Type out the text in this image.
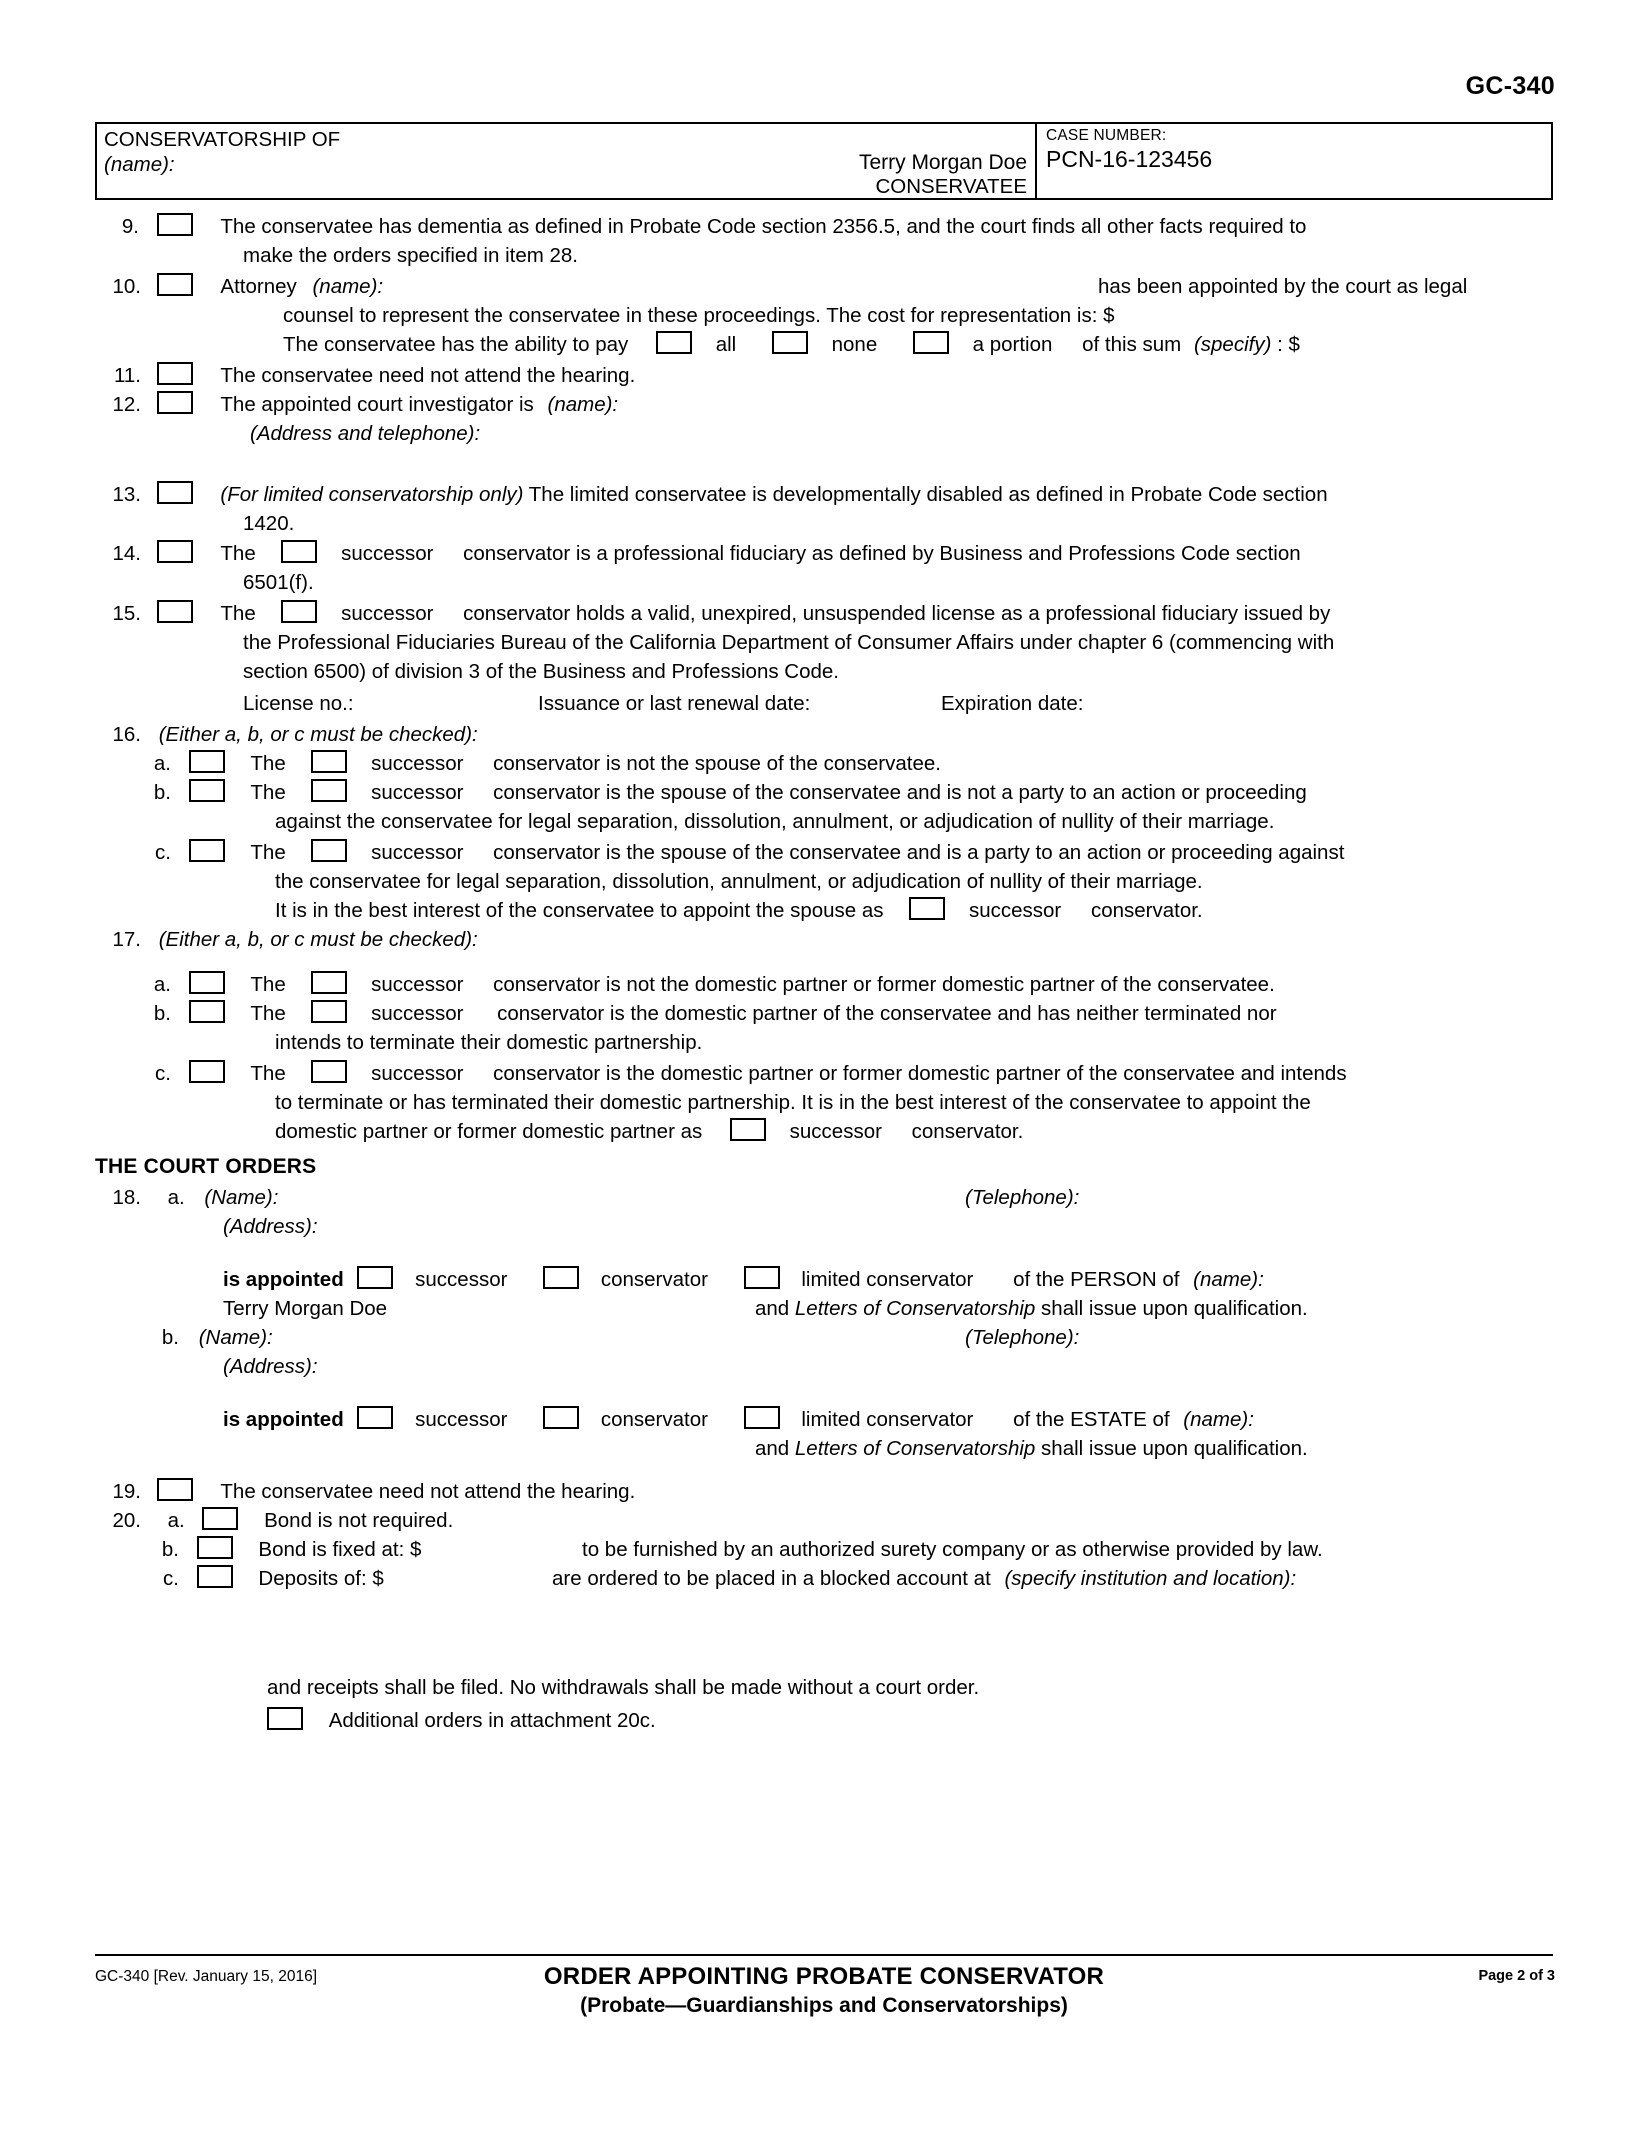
GC-340
CONSERVATORSHIP OF
(name):	Terry Morgan Doe
CONSERVATEE
CASE NUMBER:
PCN-16-123456
9.	The conservatee has dementia as defined in Probate Code section 2356.5, and the court finds all other facts required to
make the orders specified in item 28.
10.	Attorney (name):	has been appointed by the court as legal
counsel to represent the conservatee in these proceedings. The cost for representation is: $
The conservatee has the ability to pay	all	none	a portion of this sum (specify) : $
11.	The conservatee need not attend the hearing.
12.	The appointed court investigator is (name):
(Address and telephone):
13.	(For limited conservatorship only) The limited conservatee is developmentally disabled as defined in Probate Code section
1420.
14.	The	successor conservator is a professional fiduciary as defined by Business and Professions Code section
6501(f).
15.	The	successor conservator holds a valid, unexpired, unsuspended license as a professional fiduciary issued by
the Professional Fiduciaries Bureau of the California Department of Consumer Affairs under chapter 6 (commencing with
section 6500) of division 3 of the Business and Professions Code.
License no.:	Issuance or last renewal date:	Expiration date:
16. (Either a, b, or c must be checked):
a.	The	successor conservator is not the spouse of the conservatee.
b.	The	successor conservator is the spouse of the conservatee and is not a party to an action or proceeding
against the conservatee for legal separation, dissolution, annulment, or adjudication of nullity of their marriage.
c.	The	successor conservator is the spouse of the conservatee and is a party to an action or proceeding against
the conservatee for legal separation, dissolution, annulment, or adjudication of nullity of their marriage.
It is in the best interest of the conservatee to appoint the spouse as	successor conservator.
17. (Either a, b, or c must be checked):
a.	The	successor conservator is not the domestic partner or former domestic partner of the conservatee.
b.	The	successor conservator is the domestic partner of the conservatee and has neither terminated nor
intends to terminate their domestic partnership.
c.	The	successor conservator is the domestic partner or former domestic partner of the conservatee and intends
to terminate or has terminated their domestic partnership. It is in the best interest of the conservatee to appoint the
domestic partner or former domestic partner as	successor conservator.
THE COURT ORDERS
18. a. (Name):	(Telephone):
(Address):
is appointed	successor	conservator	limited conservator of the PERSON of (name):
Terry Morgan Doe	and Letters of Conservatorship shall issue upon qualification.
b. (Name):	(Telephone):
(Address):
is appointed	successor	conservator	limited conservator of the ESTATE of (name):
and Letters of Conservatorship shall issue upon qualification.
19.	The conservatee need not attend the hearing.
20. a.	Bond is not required.
b.	Bond is fixed at: $	to be furnished by an authorized surety company or as otherwise provided by law.
c.	Deposits of: $	are ordered to be placed in a blocked account at (specify institution and location):
and receipts shall be filed. No withdrawals shall be made without a court order.
Additional orders in attachment 20c.
GC-340 [Rev. January 15, 2016]	ORDER APPOINTING PROBATE CONSERVATOR
(Probate—Guardianships and Conservatorships)
Page 2 of 3
